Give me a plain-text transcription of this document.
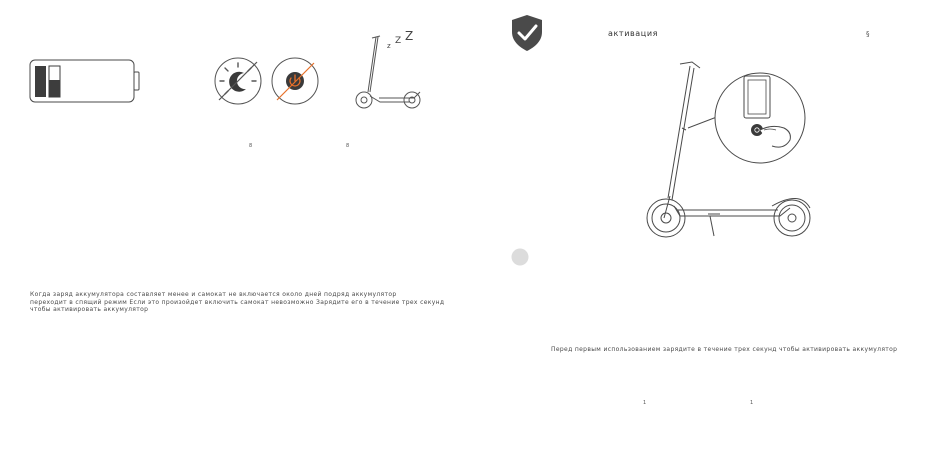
z Z Z
8	8
Когда заряд аккумулятора составляет менее и самокат не включается около дней подряд аккумулятор
переходит в спящий режим Если это произойдет включить самокат невозможно Зарядите его в течение трех секунд
чтобы активировать аккумулятор
активация	§
Перед первым использованием зарядите в течение трех секунд чтобы активировать аккумулятор
1	1
